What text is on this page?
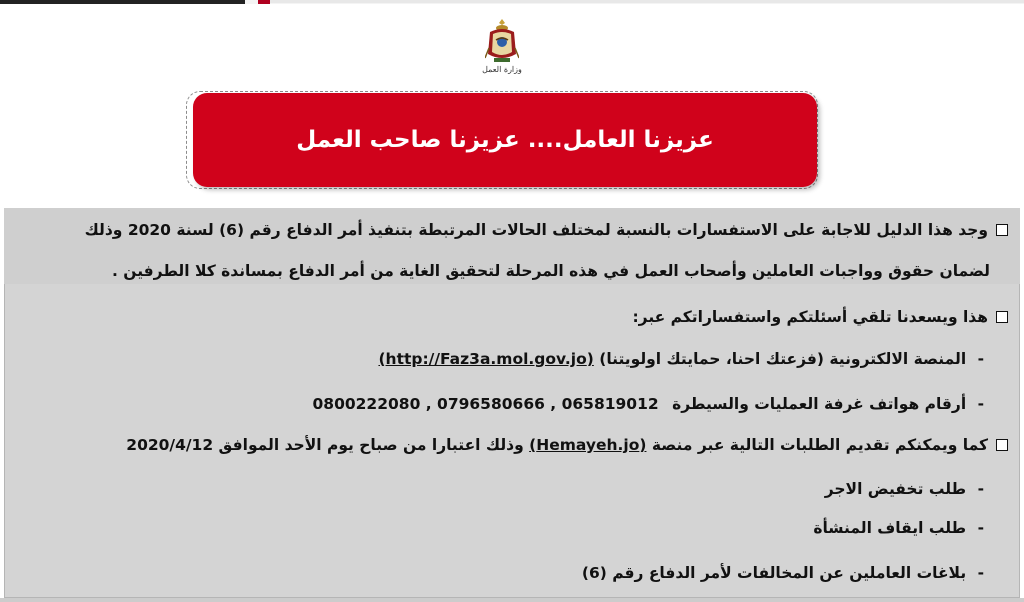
وزارة العمل
عزيزنا العامل.... عزيزنا صاحب العمل
وجد هذا الدليل للاجابة على الاستفسارات بالنسبة لمختلف الحالات المرتبطة بتنفيذ أمر الدفاع رقم (6) لسنة 2020 وذلك
لضمان حقوق وواجبات العاملين وأصحاب العمل في هذه المرحلة لتحقيق الغاية من أمر الدفاع بمساندة كلا الطرفين .
هذا ويسعدنا تلقي أسئلتكم واستفساراتكم عبر:
- المنصة الالكترونية (فزعتك احنا، حمايتك اولويتنا) (http://Faz3a.mol.gov.jo)
- أرقام هواتف غرفة العمليات والسيطرة 065819012 , 0796580666 , 0800222080
كما ويمكنكم تقديم الطلبات التالية عبر منصة (Hemayeh.jo) وذلك اعتبارا من صباح يوم الأحد الموافق 2020/4/12
- طلب تخفيض الاجر
- طلب ايقاف المنشأة
- بلاغات العاملين عن المخالفات لأمر الدفاع رقم (6)
